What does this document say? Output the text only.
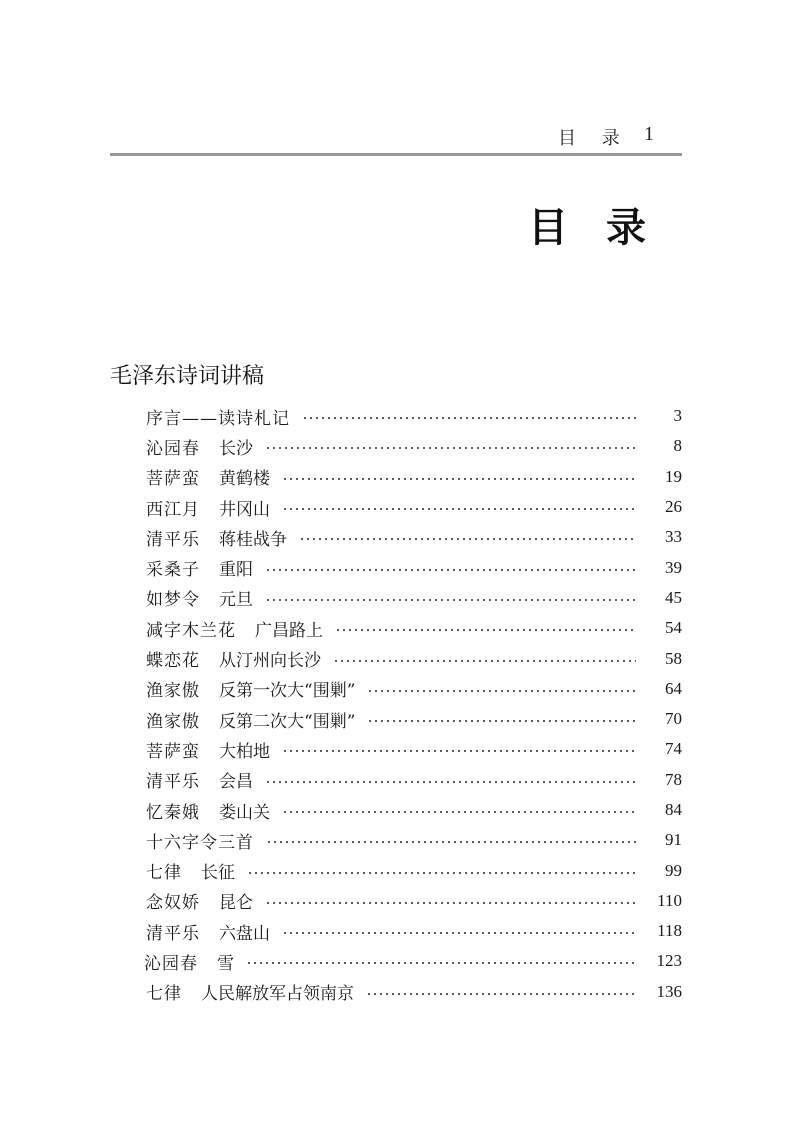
目 录 1
目录
毛泽东诗词讲稿
序言——读诗札记	3
沁园春 长沙	8
菩萨蛮 黄鹤楼	19
西江月 井冈山	26
清平乐 蒋桂战争	33
采桑子 重阳	39
如梦令 元旦	45
减字木兰花 广昌路上	54
蝶恋花 从汀州向长沙	58
渔家傲 反第一次大“围剿”	64
渔家傲 反第二次大“围剿”	70
菩萨蛮 大柏地	74
清平乐 会昌	78
忆秦娥 娄山关	84
十六字令三首	91
七律 长征	99
念奴娇 昆仑	110
清平乐 六盘山	118
沁园春 雪	123
七律 人民解放军占领南京	136
